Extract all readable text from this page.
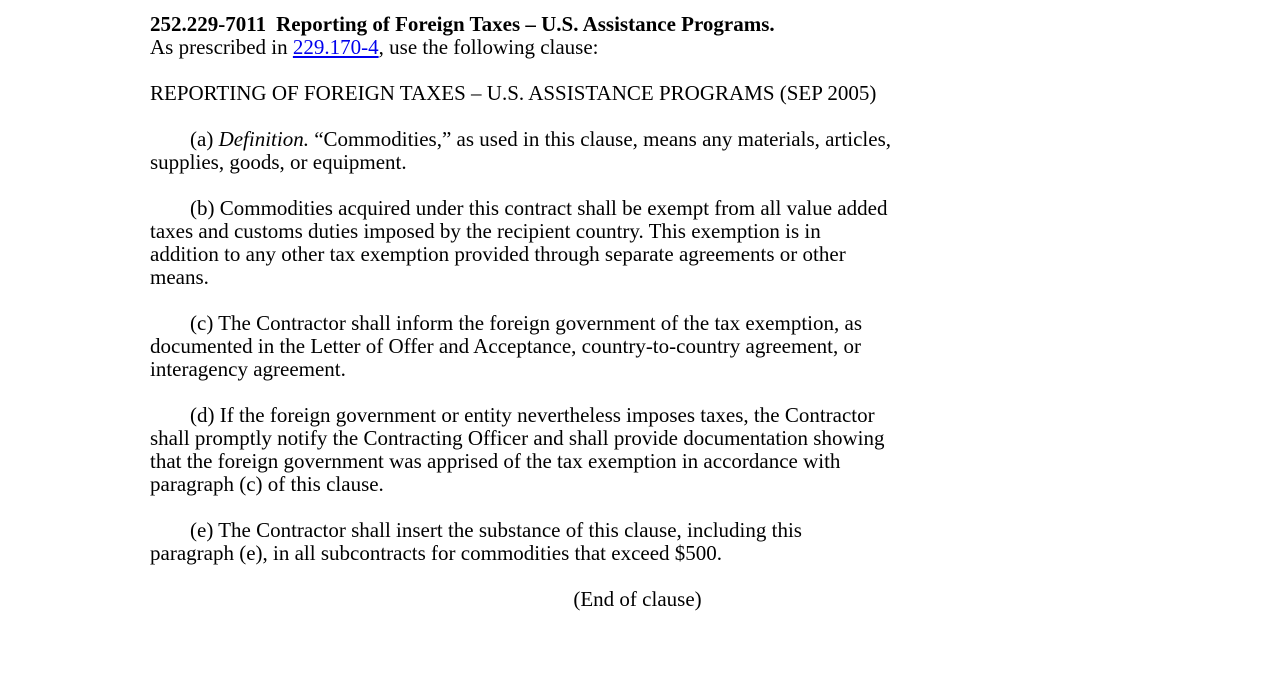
252.229-7011 Reporting of Foreign Taxes – U.S. Assistance Programs.

As prescribed in 229.170-4, use the following clause:

REPORTING OF FOREIGN TAXES – U.S. ASSISTANCE PROGRAMS (SEP 2005)

(a) Definition. “Commodities,” as used in this clause, means any materials, articles,
supplies, goods, or equipment.
(b) Commodities acquired under this contract shall be exempt from all value added
taxes and customs duties imposed by the recipient country. This exemption is in
addition to any other tax exemption provided through separate agreements or other
means.
(c) The Contractor shall inform the foreign government of the tax exemption, as
documented in the Letter of Offer and Acceptance, country-to-country agreement, or
interagency agreement.
(d) If the foreign government or entity nevertheless imposes taxes, the Contractor
shall promptly notify the Contracting Officer and shall provide documentation showing
that the foreign government was apprised of the tax exemption in accordance with
paragraph (c) of this clause.
(e) The Contractor shall insert the substance of this clause, including this
paragraph (e), in all subcontracts for commodities that exceed $500.

(End of clause)
